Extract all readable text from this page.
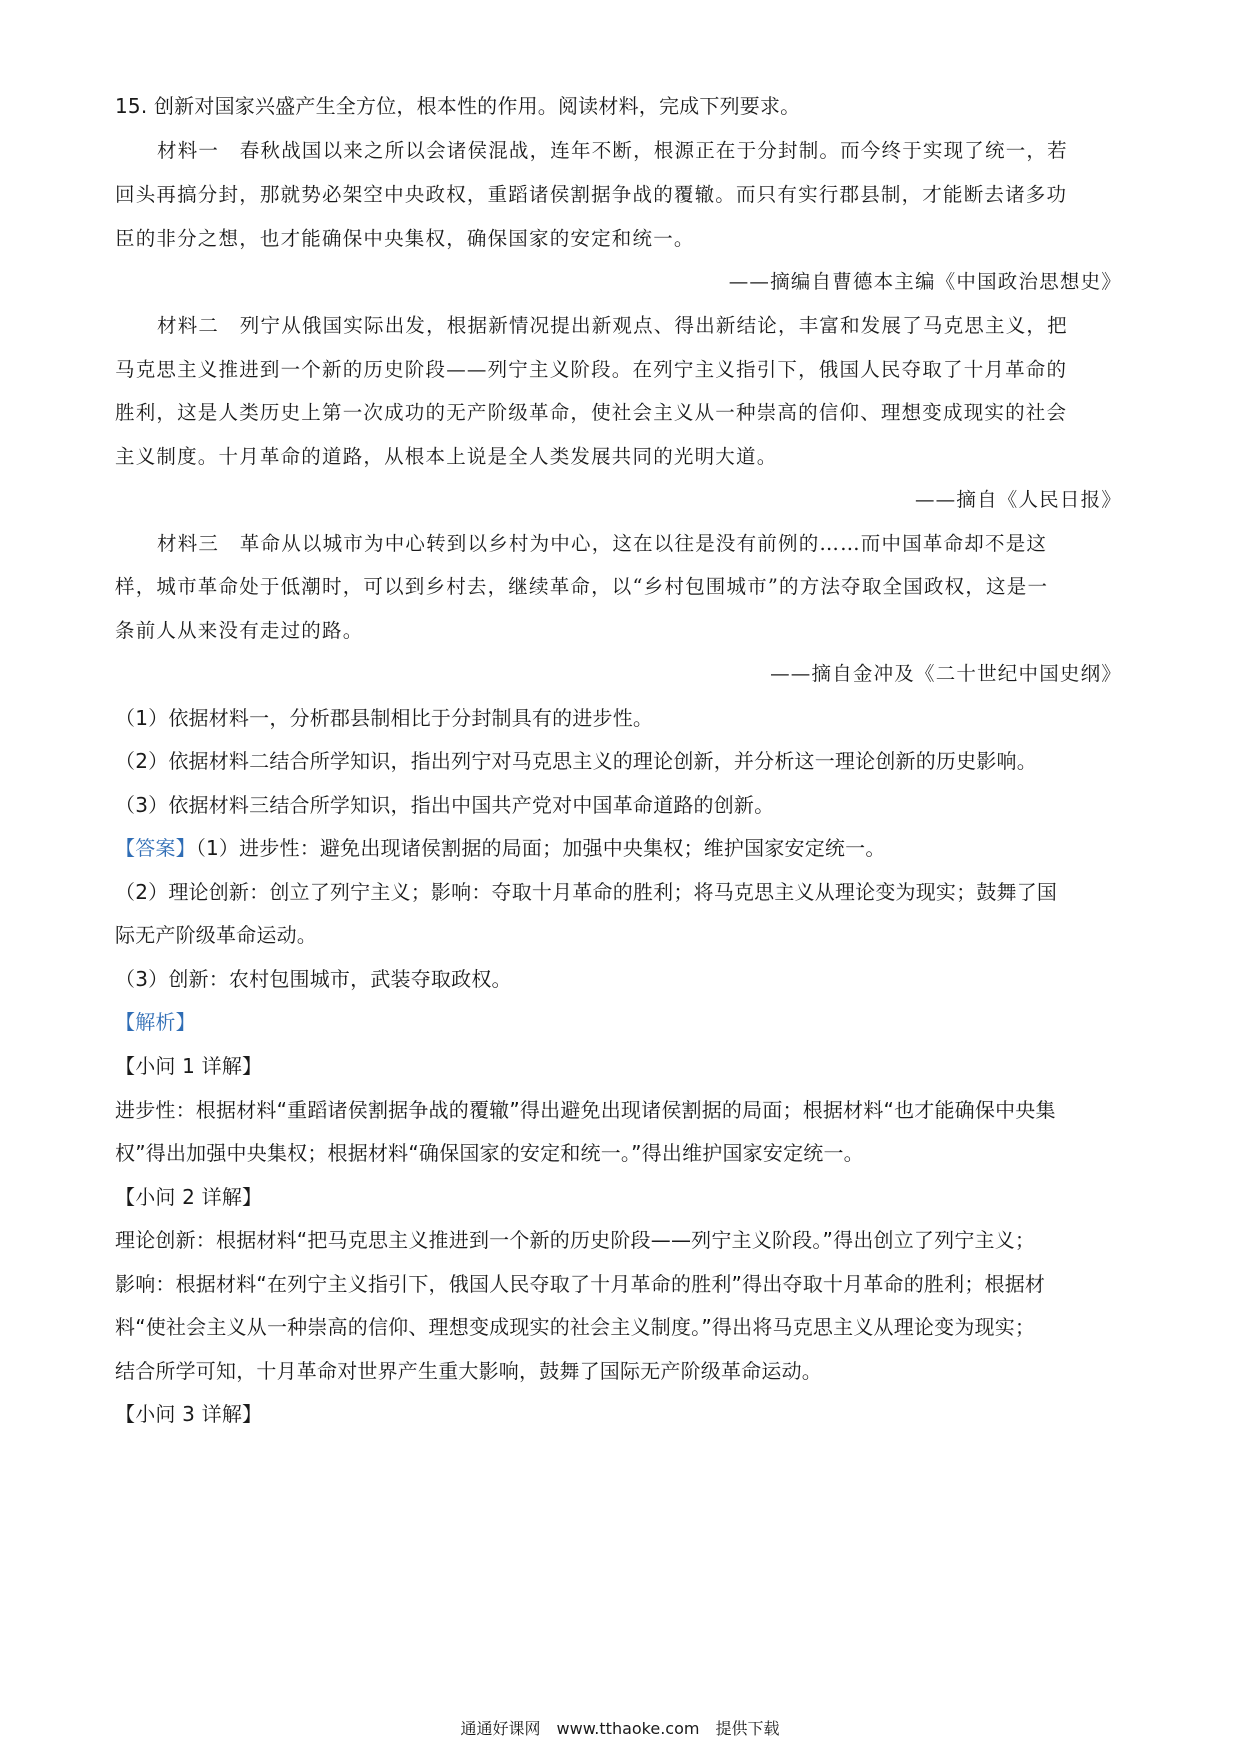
15. 创新对国家兴盛产生全方位，根本性的作用。阅读材料，完成下列要求。
材料一　春秋战国以来之所以会诸侯混战，连年不断，根源正在于分封制。而今终于实现了统一，若
回头再搞分封，那就势必架空中央政权，重蹈诸侯割据争战的覆辙。而只有实行郡县制，才能断去诸多功
臣的非分之想，也才能确保中央集权，确保国家的安定和统一。
——摘编自曹德本主编《中国政治思想史》
材料二　列宁从俄国实际出发，根据新情况提出新观点、得出新结论，丰富和发展了马克思主义，把
马克思主义推进到一个新的历史阶段——列宁主义阶段。在列宁主义指引下，俄国人民夺取了十月革命的
胜利，这是人类历史上第一次成功的无产阶级革命，使社会主义从一种崇高的信仰、理想变成现实的社会
主义制度。十月革命的道路，从根本上说是全人类发展共同的光明大道。
——摘自《人民日报》
材料三　革命从以城市为中心转到以乡村为中心，这在以往是没有前例的……而中国革命却不是这
样，城市革命处于低潮时，可以到乡村去，继续革命，以“乡村包围城市”的方法夺取全国政权，这是一
条前人从来没有走过的路。
——摘自金冲及《二十世纪中国史纲》
（1）依据材料一，分析郡县制相比于分封制具有的进步性。
（2）依据材料二结合所学知识，指出列宁对马克思主义的理论创新，并分析这一理论创新的历史影响。
（3）依据材料三结合所学知识，指出中国共产党对中国革命道路的创新。
【答案】（1）进步性：避免出现诸侯割据的局面；加强中央集权；维护国家安定统一。
（2）理论创新：创立了列宁主义；影响：夺取十月革命的胜利；将马克思主义从理论变为现实；鼓舞了国
际无产阶级革命运动。
（3）创新：农村包围城市，武装夺取政权。
【解析】
【小问 1 详解】
进步性：根据材料“重蹈诸侯割据争战的覆辙”得出避免出现诸侯割据的局面；根据材料“也才能确保中央集
权”得出加强中央集权；根据材料“确保国家的安定和统一。”得出维护国家安定统一。
【小问 2 详解】
理论创新：根据材料“把马克思主义推进到一个新的历史阶段——列宁主义阶段。”得出创立了列宁主义；
影响：根据材料“在列宁主义指引下，俄国人民夺取了十月革命的胜利”得出夺取十月革命的胜利；根据材
料“使社会主义从一种崇高的信仰、理想变成现实的社会主义制度。”得出将马克思主义从理论变为现实；
结合所学可知，十月革命对世界产生重大影响，鼓舞了国际无产阶级革命运动。
【小问 3 详解】
通通好课网　www.tthaoke.com　提供下载
